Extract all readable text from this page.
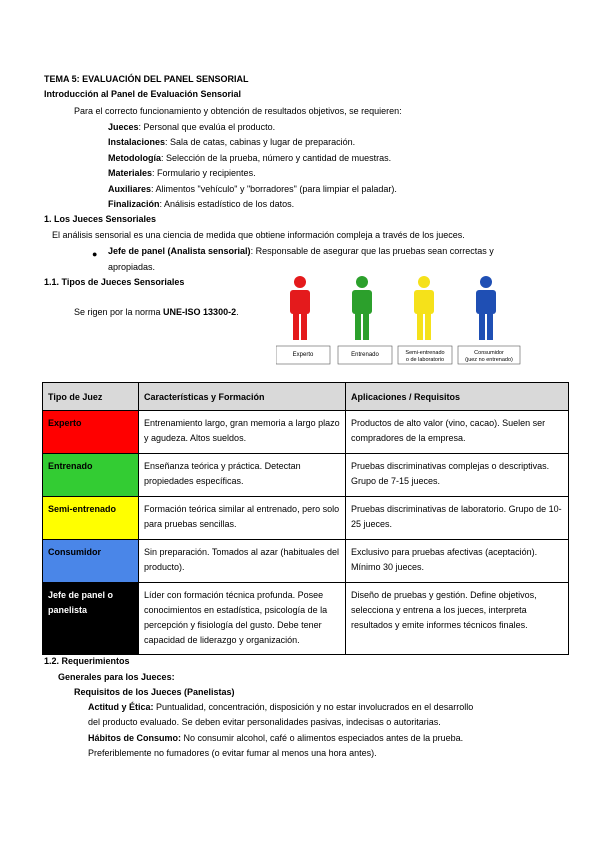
TEMA 5: EVALUACIÓN DEL PANEL SENSORIAL
Introducción al Panel de Evaluación Sensorial
Para el correcto funcionamiento y obtención de resultados objetivos, se requieren:
Jueces: Personal que evalúa el producto.
Instalaciones: Sala de catas, cabinas y lugar de preparación.
Metodología: Selección de la prueba, número y cantidad de muestras.
Materiales: Formulario y recipientes.
Auxiliares: Alimentos "vehículo" y "borradores" (para limpiar el paladar).
Finalización: Análisis estadístico de los datos.
1. Los Jueces Sensoriales
El análisis sensorial es una ciencia de medida que obtiene información compleja a través de los jueces.
● Jefe de panel (Analista sensorial): Responsable de asegurar que las pruebas sean correctas y
apropiadas.
1.1. Tipos de Jueces Sensoriales
Se rigen por la norma UNE-ISO 13300-2.
Experto	Entrenado	Semi-entrenado
o de laboratorio
Consumidor
(juez no entrenado)
Tipo de Juez	Características y Formación	Aplicaciones / Requisitos
Experto	Entrenamiento largo, gran memoria a largo plazo y agudeza. Altos sueldos.	Productos de alto valor (vino, cacao). Suelen ser compradores de la empresa.
Entrenado	Enseñanza teórica y práctica. Detectan propiedades específicas.	Pruebas discriminativas complejas o descriptivas. Grupo de 7-15 jueces.
Semi-entrenado	Formación teórica similar al entrenado, pero solo para pruebas sencillas.	Pruebas discriminativas de laboratorio. Grupo de 10-25 jueces.
Consumidor	Sin preparación. Tomados al azar (habituales del producto).	Exclusivo para pruebas afectivas (aceptación). Mínimo 30 jueces.
Jefe de panel o panelista	Líder con formación técnica profunda. Posee conocimientos en estadística, psicología de la percepción y fisiología del gusto. Debe tener capacidad de liderazgo y organización.	Diseño de pruebas y gestión. Define objetivos, selecciona y entrena a los jueces, interpreta resultados y emite informes técnicos finales.
1.2. Requerimientos
Generales para los Jueces:
Requisitos de los Jueces (Panelistas)
Actitud y Ética: Puntualidad, concentración, disposición y no estar involucrados en el desarrollo
del producto evaluado. Se deben evitar personalidades pasivas, indecisas o autoritarias.
Hábitos de Consumo: No consumir alcohol, café o alimentos especiados antes de la prueba.
Preferiblemente no fumadores (o evitar fumar al menos una hora antes).
